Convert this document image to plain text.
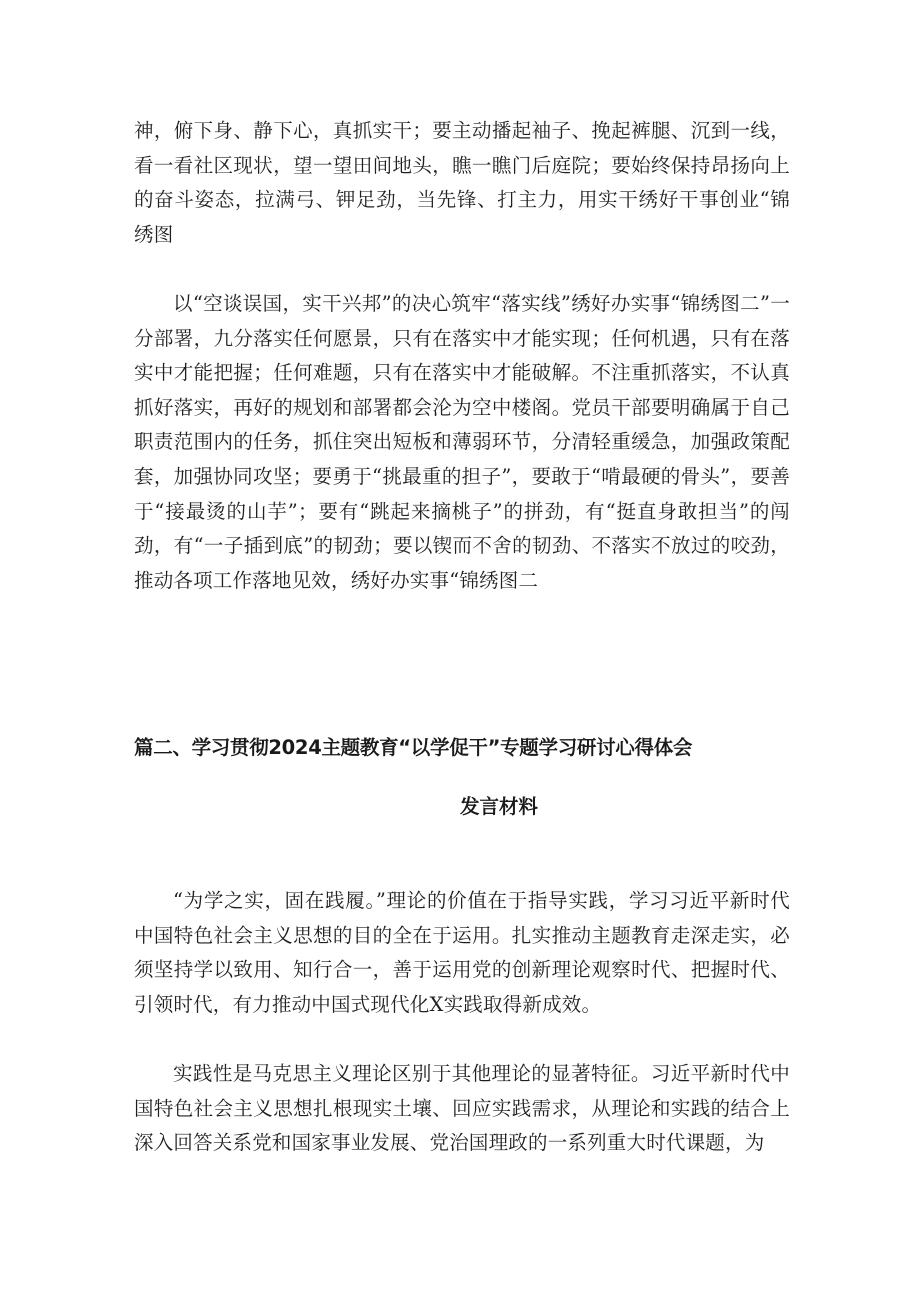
神，俯下身、静下心，真抓实干；要主动播起袖子、挽起裤腿、沉到一线，看一看社区现状，望一望田间地头，瞧一瞧门后庭院；要始终保持昂扬向上的奋斗姿态，拉满弓、钾足劲，当先锋、打主力，用实干绣好干事创业“锦绣图

以“空谈误国，实干兴邦”的决心筑牢“落实线”绣好办实事“锦绣图二”一分部署，九分落实任何愿景，只有在落实中才能实现；任何机遇，只有在落实中才能把握；任何难题，只有在落实中才能破解。不注重抓落实，不认真抓好落实，再好的规划和部署都会沦为空中楼阁。党员干部要明确属于自己职责范围内的任务，抓住突出短板和薄弱环节，分清轻重缓急，加强政策配套，加强协同攻坚；要勇于“挑最重的担子”，要敢于“啃最硬的骨头”，要善于“接最烫的山芋”；要有“跳起来摘桃子”的拼劲，有“挺直身敢担当”的闯劲，有“一子插到底”的韧劲；要以锲而不舍的韧劲、不落实不放过的咬劲，推动各项工作落地见效，绣好办实事“锦绣图二

篇二、学习贯彻2024主题教育“以学促干”专题学习研讨心得体会
发言材料

“为学之实，固在践履。”理论的价值在于指导实践，学习习近平新时代中国特色社会主义思想的目的全在于运用。扎实推动主题教育走深走实，必须坚持学以致用、知行合一，善于运用党的创新理论观察时代、把握时代、引领时代，有力推动中国式现代化X实践取得新成效。

实践性是马克思主义理论区别于其他理论的显著特征。习近平新时代中国特色社会主义思想扎根现实土壤、回应实践需求，从理论和实践的结合上深入回答关系党和国家事业发展、党治国理政的一系列重大时代课题，为
